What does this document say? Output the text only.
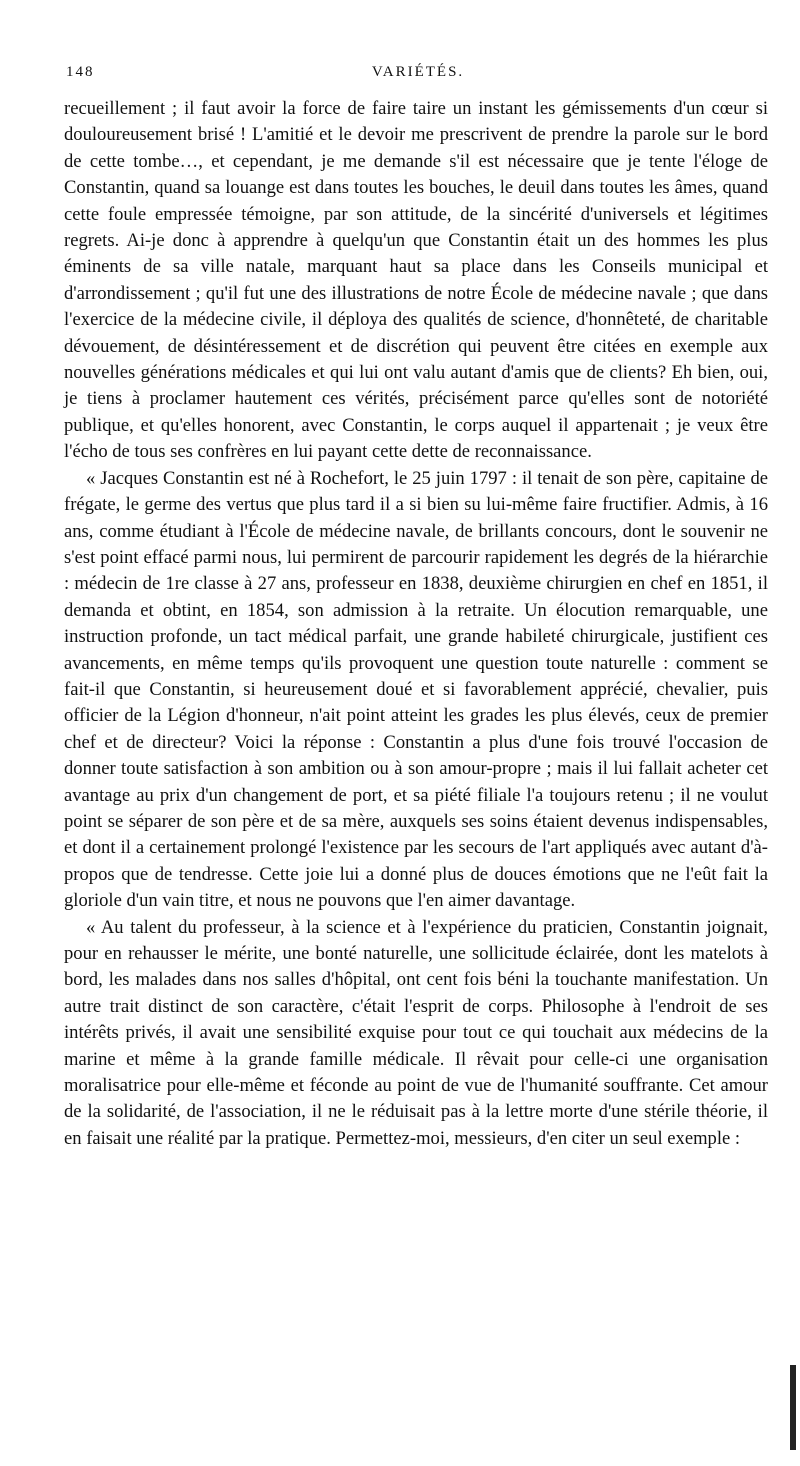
148	VARIÉTÉS.

recueillement ; il faut avoir la force de faire taire un instant les gémissements d'un cœur si douloureusement brisé ! L'amitié et le devoir me prescrivent de prendre la parole sur le bord de cette tombe…, et cependant, je me demande s'il est nécessaire que je tente l'éloge de Constantin, quand sa louange est dans toutes les bouches, le deuil dans toutes les âmes, quand cette foule empressée témoigne, par son attitude, de la sincérité d'universels et légitimes regrets. Ai-je donc à apprendre à quelqu'un que Constantin était un des hommes les plus éminents de sa ville natale, marquant haut sa place dans les Conseils municipal et d'arrondissement ; qu'il fut une des illustrations de notre École de médecine navale ; que dans l'exercice de la médecine civile, il déploya des qualités de science, d'honnêteté, de charitable dévouement, de désintéressement et de discrétion qui peuvent être citées en exemple aux nouvelles générations médicales et qui lui ont valu autant d'amis que de clients? Eh bien, oui, je tiens à proclamer hautement ces vérités, précisément parce qu'elles sont de notoriété publique, et qu'elles honorent, avec Constantin, le corps auquel il appartenait ; je veux être l'écho de tous ses confrères en lui payant cette dette de reconnaissance.

« Jacques Constantin est né à Rochefort, le 25 juin 1797 : il tenait de son père, capitaine de frégate, le germe des vertus que plus tard il a si bien su lui-même faire fructifier. Admis, à 16 ans, comme étudiant à l'École de médecine navale, de brillants concours, dont le souvenir ne s'est point effacé parmi nous, lui permirent de parcourir rapidement les degrés de la hiérarchie : médecin de 1re classe à 27 ans, professeur en 1838, deuxième chirurgien en chef en 1851, il demanda et obtint, en 1854, son admission à la retraite. Un élocution remarquable, une instruction profonde, un tact médical parfait, une grande habileté chirurgicale, justifient ces avancements, en même temps qu'ils provoquent une question toute naturelle : comment se fait-il que Constantin, si heureusement doué et si favorablement apprécié, chevalier, puis officier de la Légion d'honneur, n'ait point atteint les grades les plus élevés, ceux de premier chef et de directeur? Voici la réponse : Constantin a plus d'une fois trouvé l'occasion de donner toute satisfaction à son ambition ou à son amour-propre ; mais il lui fallait acheter cet avantage au prix d'un changement de port, et sa piété filiale l'a toujours retenu ; il ne voulut point se séparer de son père et de sa mère, auxquels ses soins étaient devenus indispensables, et dont il a certainement prolongé l'existence par les secours de l'art appliqués avec autant d'à-propos que de tendresse. Cette joie lui a donné plus de douces émotions que ne l'eût fait la gloriole d'un vain titre, et nous ne pouvons que l'en aimer davantage.

« Au talent du professeur, à la science et à l'expérience du praticien, Constantin joignait, pour en rehausser le mérite, une bonté naturelle, une sollicitude éclairée, dont les matelots à bord, les malades dans nos salles d'hôpital, ont cent fois béni la touchante manifestation. Un autre trait distinct de son caractère, c'était l'esprit de corps. Philosophe à l'endroit de ses intérêts privés, il avait une sensibilité exquise pour tout ce qui touchait aux médecins de la marine et même à la grande famille médicale. Il rêvait pour celle-ci une organisation moralisatrice pour elle-même et féconde au point de vue de l'humanité souffrante. Cet amour de la solidarité, de l'association, il ne le réduisait pas à la lettre morte d'une stérile théorie, il en faisait une réalité par la pratique. Permettez-moi, messieurs, d'en citer un seul exemple :
